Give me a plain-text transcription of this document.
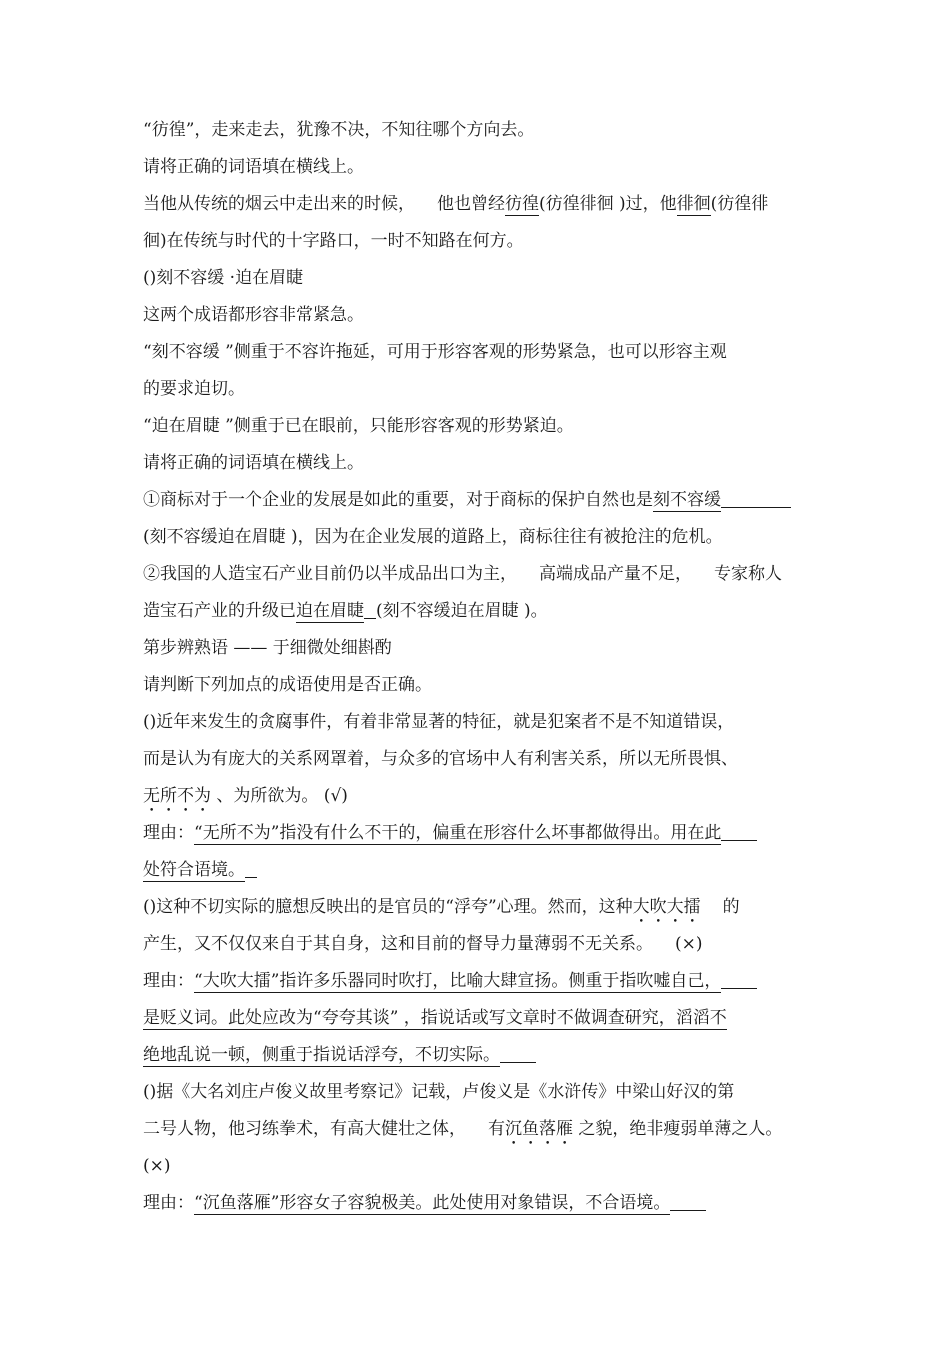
“彷徨”，走来走去，犹豫不决，不知往哪个方向去。
请将正确的词语填在横线上。
当他从传统的烟云中走出来的时候， 他也曾经彷徨(彷徨徘徊 )过，他徘徊(彷徨徘
徊)在传统与时代的十字路口，一时不知路在何方。
()刻不容缓 ·迫在眉睫
这两个成语都形容非常紧急。
“刻不容缓 ”侧重于不容许拖延，可用于形容客观的形势紧急，也可以形容主观
的要求迫切。
“迫在眉睫 ”侧重于已在眼前，只能形容客观的形势紧迫。
请将正确的词语填在横线上。
①商标对于一个企业的发展是如此的重要，对于商标的保护自然也是刻不容缓
(刻不容缓迫在眉睫 )，因为在企业发展的道路上，商标往往有被抢注的危机。
②我国的人造宝石产业目前仍以半成品出口为主， 高端成品产量不足， 专家称人
造宝石产业的升级已迫在眉睫 (刻不容缓迫在眉睫 )。
第步辨熟语 —— 于细微处细斟酌
请判断下列加点的成语使用是否正确。
()近年来发生的贪腐事件，有着非常显著的特征，就是犯案者不是不知道错误，
而是认为有庞大的关系网罩着，与众多的官场中人有利害关系，所以无所畏惧、
无所不为 、为所欲为。 (√)
理由：“无所不为”指没有什么不干的，偏重在形容什么坏事都做得出。用在此
处符合语境。
()这种不切实际的臆想反映出的是官员的“浮夸”心理。然而，这种大吹大擂 的
产生，又不仅仅来自于其自身，这和目前的督导力量薄弱不无关系。 (×)
理由：“大吹大擂”指许多乐器同时吹打，比喻大肆宣扬。侧重于指吹嘘自己，
是贬义词。此处应改为“夸夸其谈” ，指说话或写文章时不做调查研究，滔滔不
绝地乱说一顿，侧重于指说话浮夸，不切实际。
()据《大名刘庄卢俊义故里考察记》记载，卢俊义是《水浒传》中梁山好汉的第
二号人物，他习练拳术，有高大健壮之体， 有沉鱼落雁 之貌，绝非瘦弱单薄之人。
(×)
理由：“沉鱼落雁”形容女子容貌极美。此处使用对象错误，不合语境。
